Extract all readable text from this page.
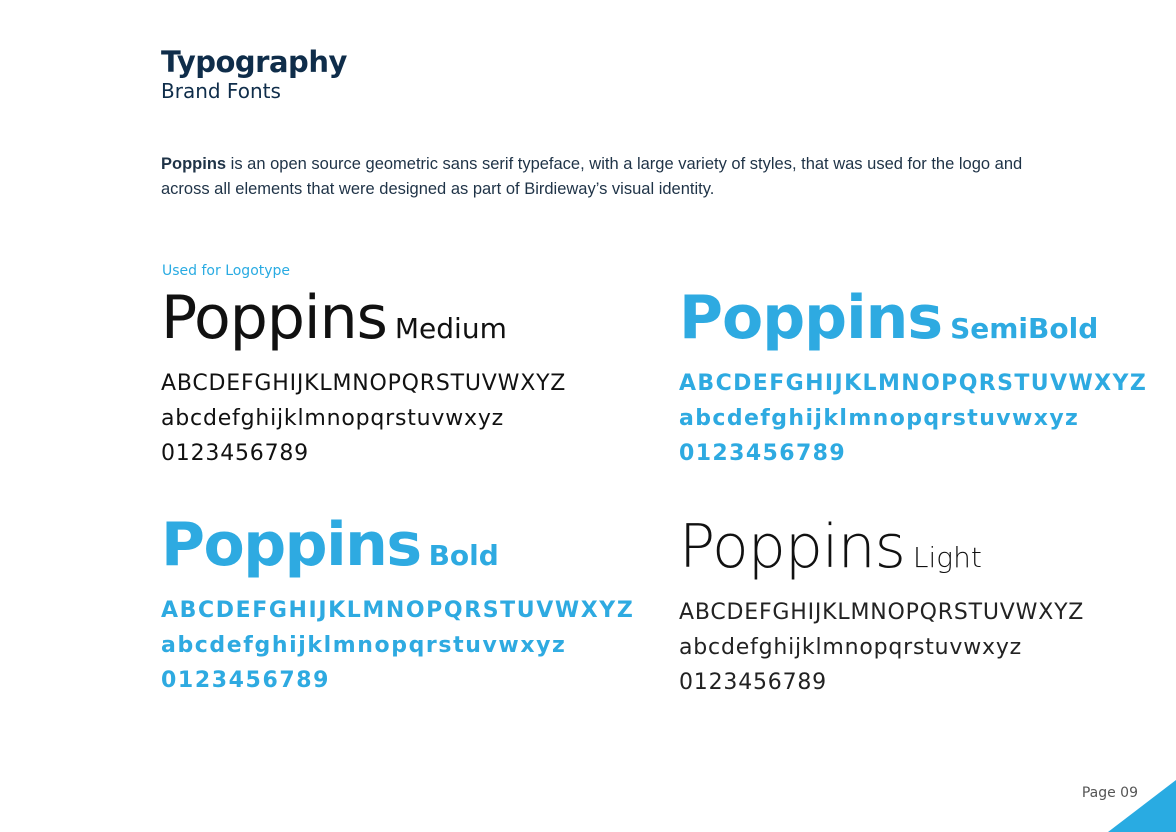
Typography
Brand Fonts
Poppins is an open source geometric sans serif typeface, with a large variety of styles, that was used for the logo and across all elements that were designed as part of Birdieway’s visual identity.
Used for Logotype
Poppins Medium
ABCDEFGHIJKLMNOPQRSTUVWXYZ
abcdefghijklmnopqrstuvwxyz
0123456789
Poppins SemiBold
ABCDEFGHIJKLMNOPQRSTUVWXYZ
abcdefghijklmnopqrstuvwxyz
0123456789
Poppins Bold
ABCDEFGHIJKLMNOPQRSTUVWXYZ
abcdefghijklmnopqrstuvwxyz
0123456789
Poppins Light
ABCDEFGHIJKLMNOPQRSTUVWXYZ
abcdefghijklmnopqrstuvwxyz
0123456789
Page 09
